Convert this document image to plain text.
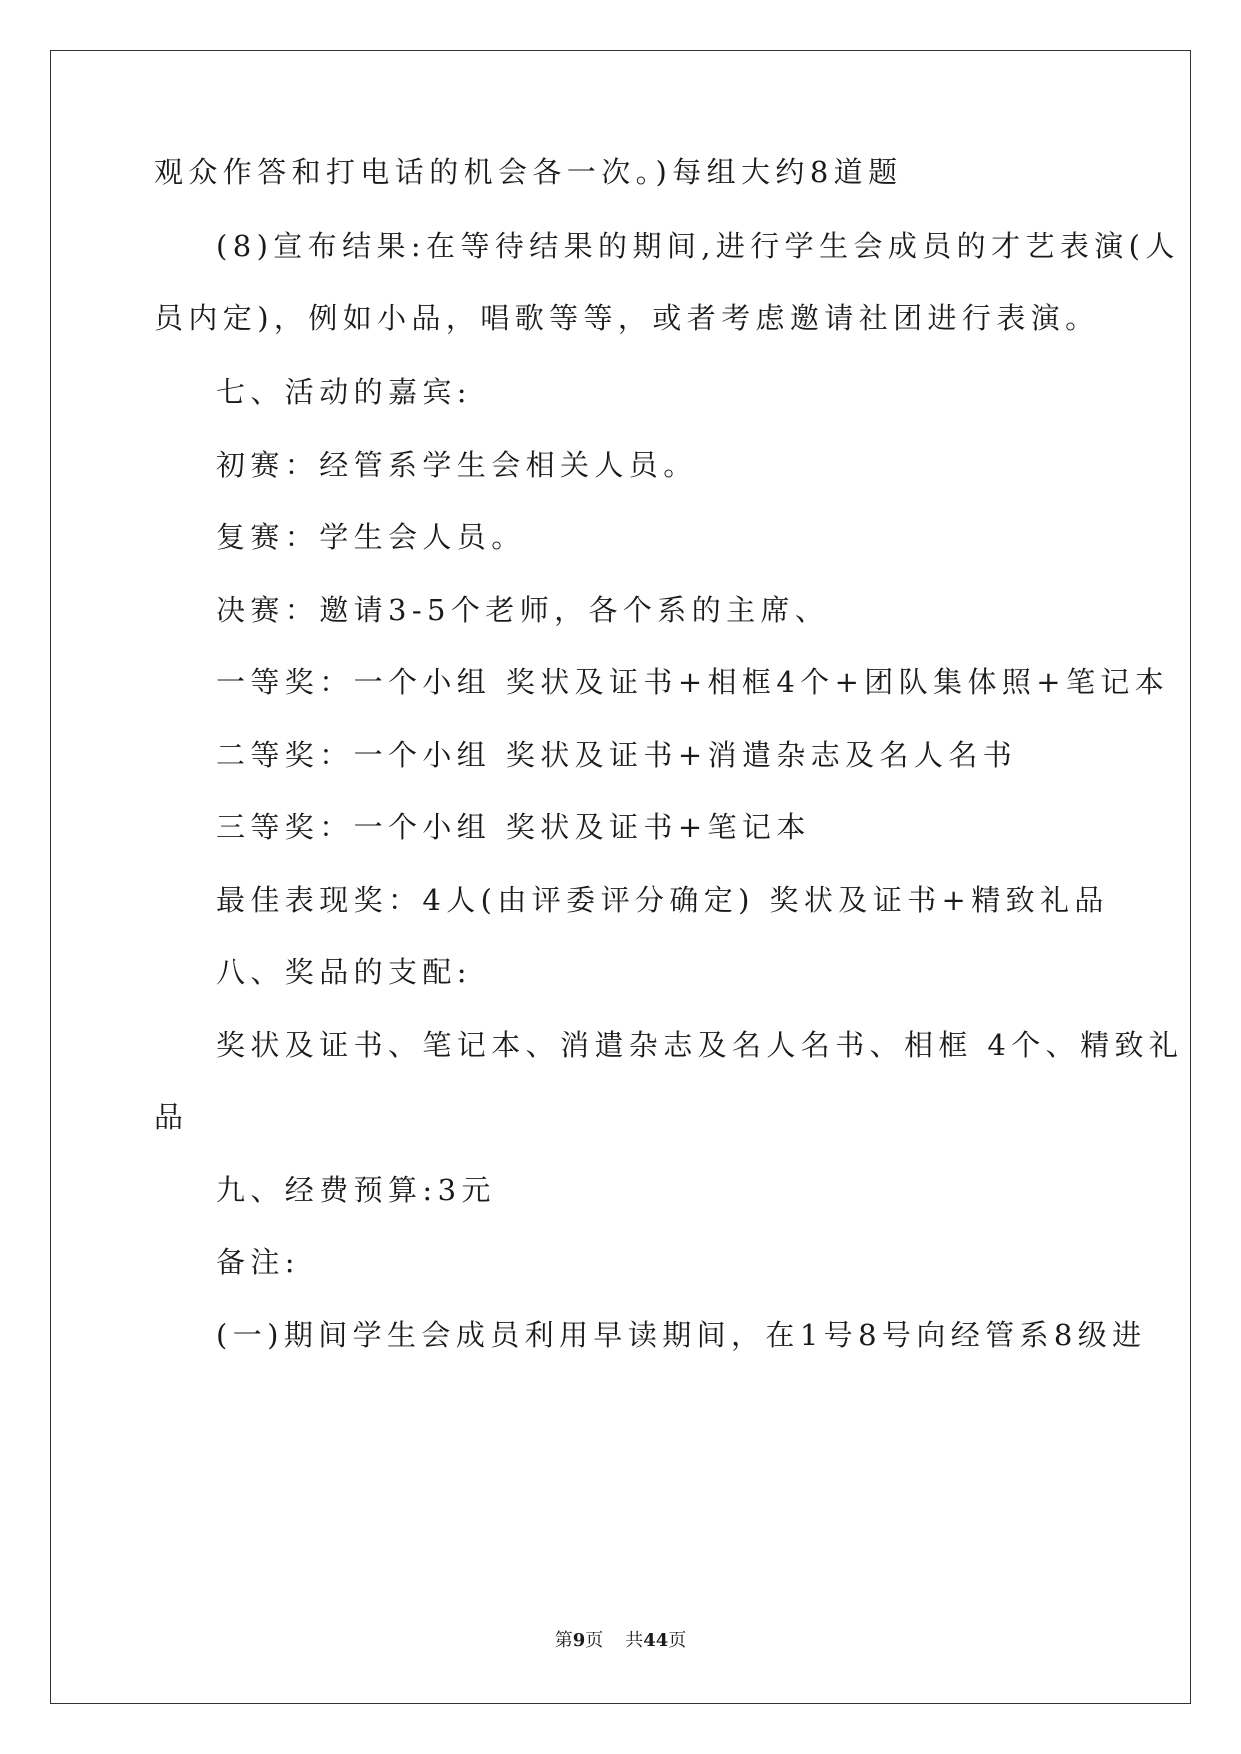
观众作答和打电话的机会各一次。)每组大约8道题
(8)宣布结果:在等待结果的期间,进行学生会成员的才艺表演(人
员内定)，例如小品，唱歌等等，或者考虑邀请社团进行表演。
七、活动的嘉宾:
初赛：经管系学生会相关人员。
复赛：学生会人员。
决赛：邀请3-5个老师，各个系的主席、
一等奖：一个小组 奖状及证书+相框4个+团队集体照+笔记本
二等奖：一个小组 奖状及证书+消遣杂志及名人名书
三等奖：一个小组 奖状及证书+笔记本
最佳表现奖：4人(由评委评分确定) 奖状及证书+精致礼品
八、奖品的支配:
奖状及证书、笔记本、消遣杂志及名人名书、相框 4个、精致礼
品
九、经费预算:3元
备注:
(一)期间学生会成员利用早读期间，在1号8号向经管系8级进
第9页 共44页
